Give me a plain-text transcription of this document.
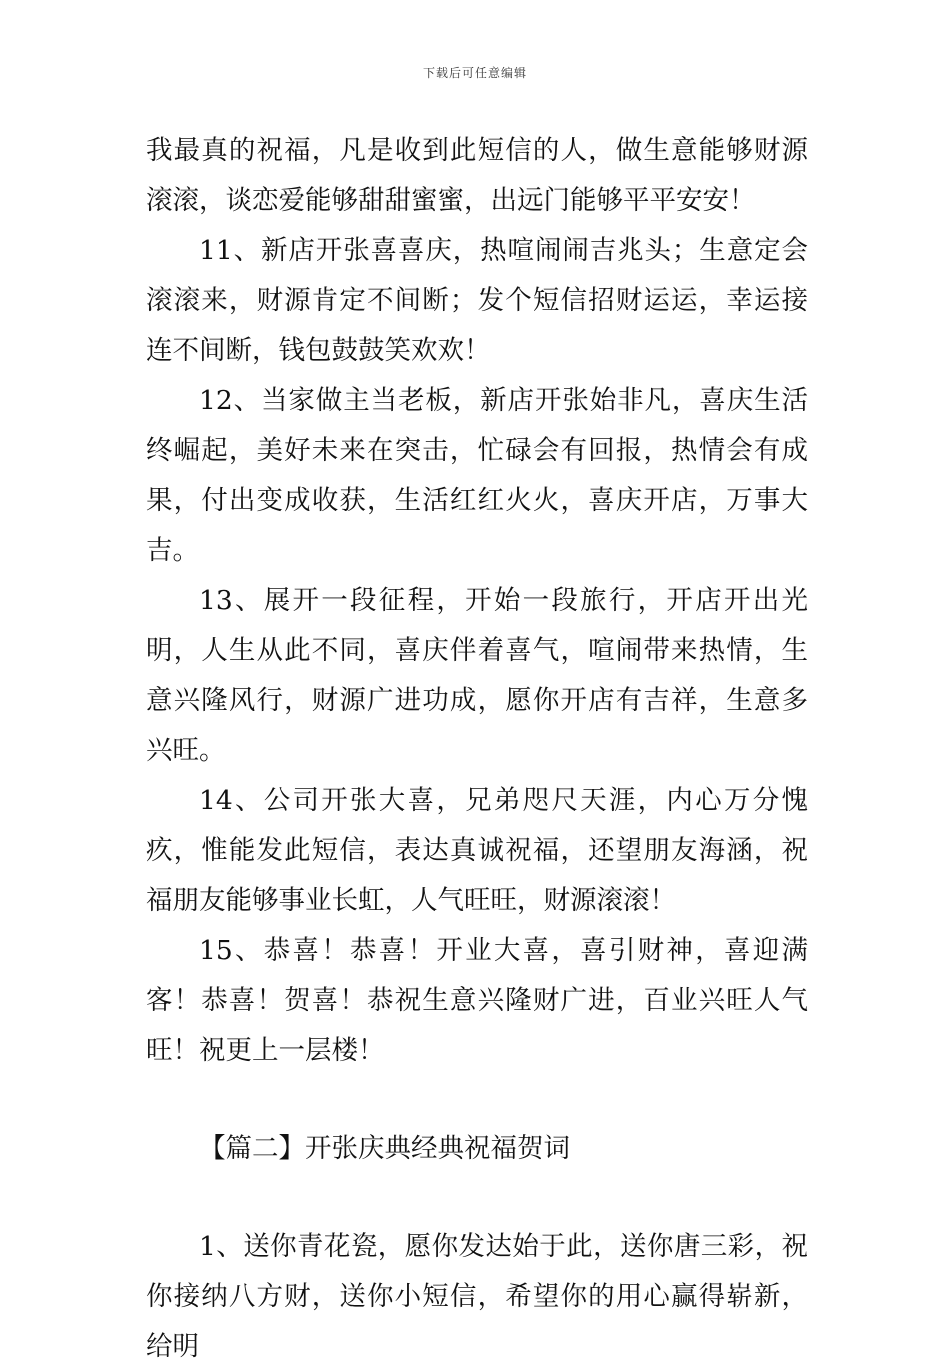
下载后可任意编辑

我最真的祝福，凡是收到此短信的人，做生意能够财源滚滚，谈恋爱能够甜甜蜜蜜，出远门能够平平安安！

11、新店开张喜喜庆，热喧闹闹吉兆头；生意定会滚滚来，财源肯定不间断；发个短信招财运运，幸运接连不间断，钱包鼓鼓笑欢欢！

12、当家做主当老板，新店开张始非凡，喜庆生活终崛起，美好未来在突击，忙碌会有回报，热情会有成果，付出变成收获，生活红红火火，喜庆开店，万事大吉。

13、展开一段征程，开始一段旅行，开店开出光明，人生从此不同，喜庆伴着喜气，喧闹带来热情，生意兴隆风行，财源广进功成，愿你开店有吉祥，生意多兴旺。

14、公司开张大喜，兄弟咫尺天涯，内心万分愧疚，惟能发此短信，表达真诚祝福，还望朋友海涵，祝福朋友能够事业长虹，人气旺旺，财源滚滚！

15、恭喜！恭喜！开业大喜，喜引财神，喜迎满客！恭喜！贺喜！恭祝生意兴隆财广进，百业兴旺人气旺！祝更上一层楼！

【篇二】开张庆典经典祝福贺词

1、送你青花瓷，愿你发达始于此，送你唐三彩，祝你接纳八方财，送你小短信，希望你的用心赢得崭新，给明
